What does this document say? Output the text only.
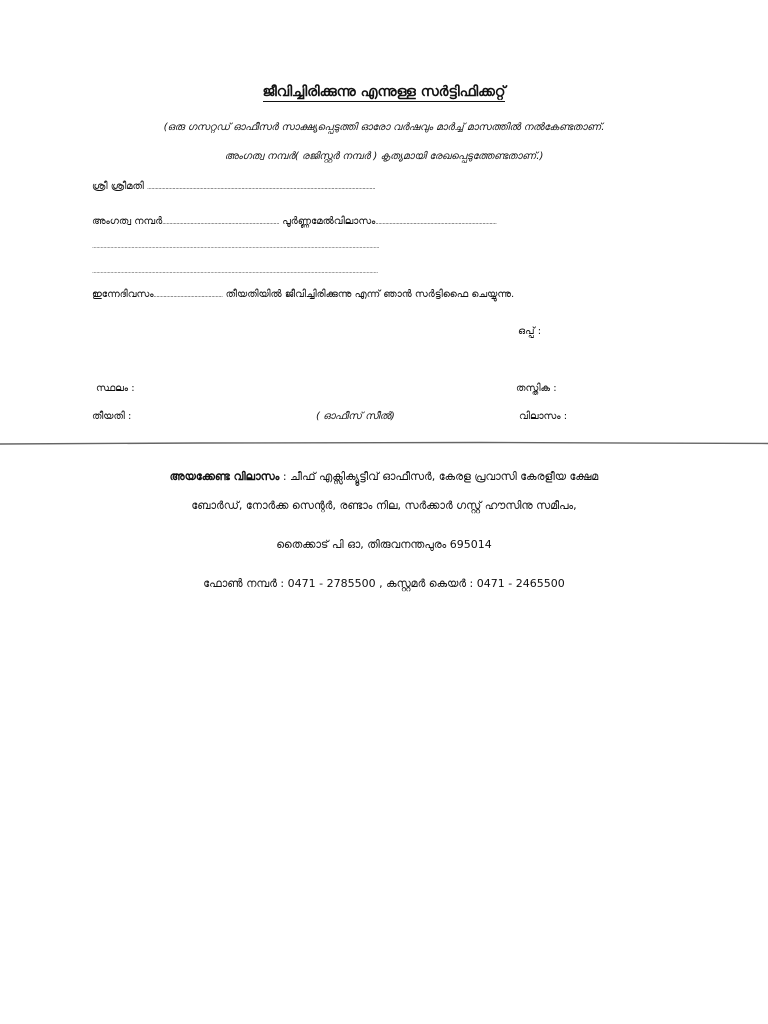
ജീവിച്ചിരിക്കുന്നു എന്നുള്ള സർട്ടിഫിക്കറ്റ്
(ഒരു ഗസറ്റഡ് ഓഫീസർ സാക്ഷ്യപ്പെടുത്തി ഓരോ വർഷവും മാർച്ച് മാസത്തിൽ നൽകേണ്ടതാണ്.
അംഗത്വ നമ്പർ( രജിസ്റ്റർ നമ്പർ ) കൃത്യമായി രേഖപ്പെടുത്തേണ്ടതാണ്.)
ശ്രീ ശ്രീമതി ..................................................................................................................................................................
അംഗത്വ നമ്പർ................................................................................... പൂർണ്ണമേൽവിലാസം......................................................................................
............................................................................................................................................................................................................
...........................................................................................................................................................................................................
ഇന്നേദിവസം................................................. തീയതിയിൽ ജീവിച്ചിരിക്കുന്നു എന്ന് ഞാൻ സർട്ടിഫൈ ചെയ്യുന്നു.
ഒപ്പ് :
സ്ഥലം :	തസ്തിക :
തീയതി :	( ഓഫീസ് സീൽ)	വിലാസം :
അയക്കേണ്ട വിലാസം : ചീഫ് എക്സിക്യൂട്ടീവ് ഓഫീസർ, കേരള പ്രവാസി കേരളീയ ക്ഷേമ
ബോർഡ്, നോർക്ക സെന്റർ, രണ്ടാം നില, സർക്കാർ ഗസ്റ്റ് ഹൗസിനു സമീപം,
തൈക്കാട് പി ഓ, തിരുവനന്തപുരം 695014
ഫോൺ നമ്പർ : 0471 - 2785500 , കസ്റ്റമർ കെയർ : 0471 - 2465500
